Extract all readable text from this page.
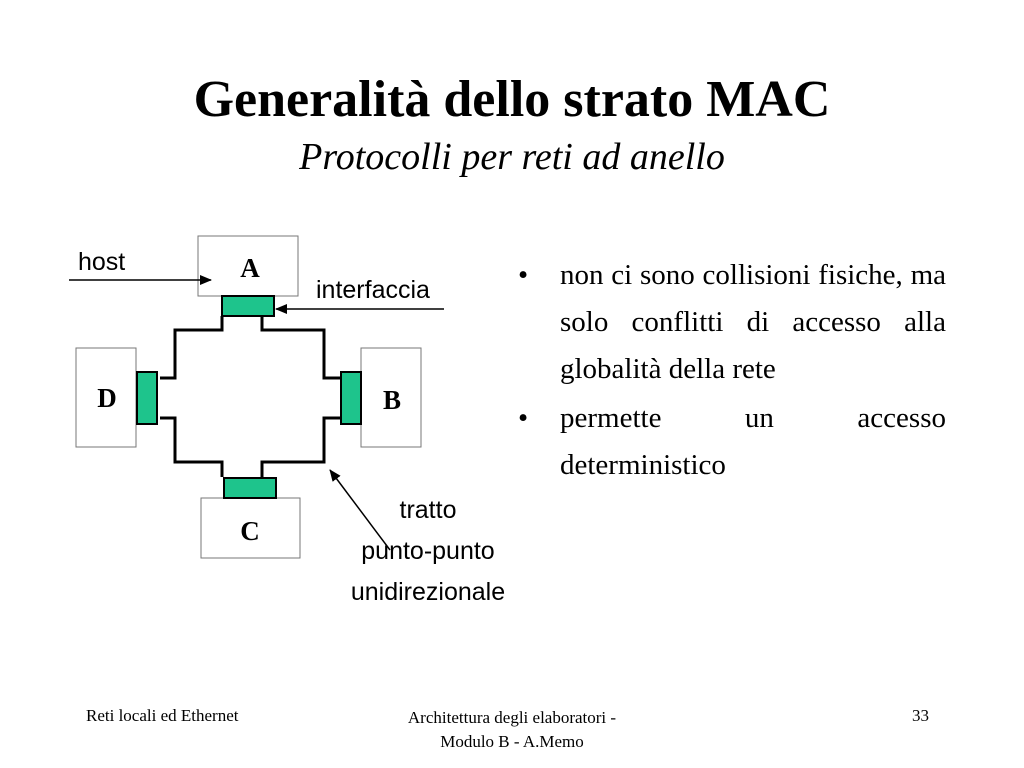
Generalità dello strato MAC
Protocolli per reti ad anello
A
B
C
D
host
interfaccia
tratto
punto-punto
unidirezionale
• non ci sono collisioni fisiche, ma solo conflitti di accesso alla globalità della rete
• permette un accesso deterministico
Reti locali ed Ethernet	Architettura degli elaboratori -
Modulo B - A.Memo
33
